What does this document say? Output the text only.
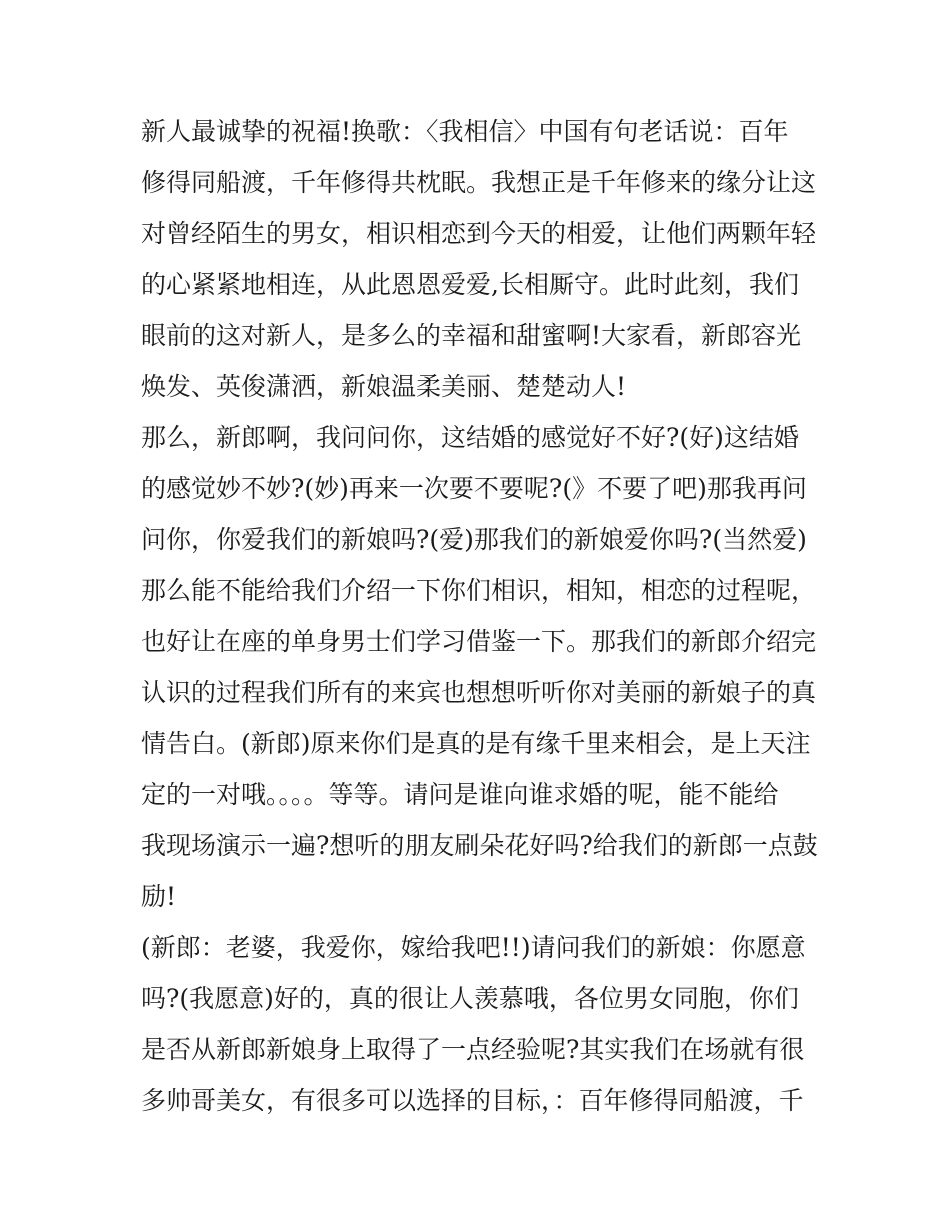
新人最诚挚的祝福!换歌：〈我相信〉中国有句老话说：百年
修得同船渡，千年修得共枕眠。我想正是千年修来的缘分让这
对曾经陌生的男女，相识相恋到今天的相爱，让他们两颗年轻
的心紧紧地相连，从此恩恩爱爱,长相厮守。此时此刻，我们
眼前的这对新人，是多么的幸福和甜蜜啊!大家看，新郎容光
焕发、英俊潇洒，新娘温柔美丽、楚楚动人!
那么，新郎啊，我问问你，这结婚的感觉好不好?(好)这结婚
的感觉妙不妙?(妙)再来一次要不要呢?(》不要了吧)那我再问
问你，你爱我们的新娘吗?(爱)那我们的新娘爱你吗?(当然爱)
那么能不能给我们介绍一下你们相识，相知，相恋的过程呢，
也好让在座的单身男士们学习借鉴一下。那我们的新郎介绍完
认识的过程我们所有的来宾也想想听听你对美丽的新娘子的真
情告白。(新郎)原来你们是真的是有缘千里来相会，是上天注
定的一对哦。。。。等等。请问是谁向谁求婚的呢，能不能给
我现场演示一遍?想听的朋友刷朵花好吗?给我们的新郎一点鼓
励!
(新郎：老婆，我爱你，嫁给我吧!!)请问我们的新娘：你愿意
吗?(我愿意)好的，真的很让人羡慕哦，各位男女同胞，你们
是否从新郎新娘身上取得了一点经验呢?其实我们在场就有很
多帅哥美女，有很多可以选择的目标，：百年修得同船渡，千
